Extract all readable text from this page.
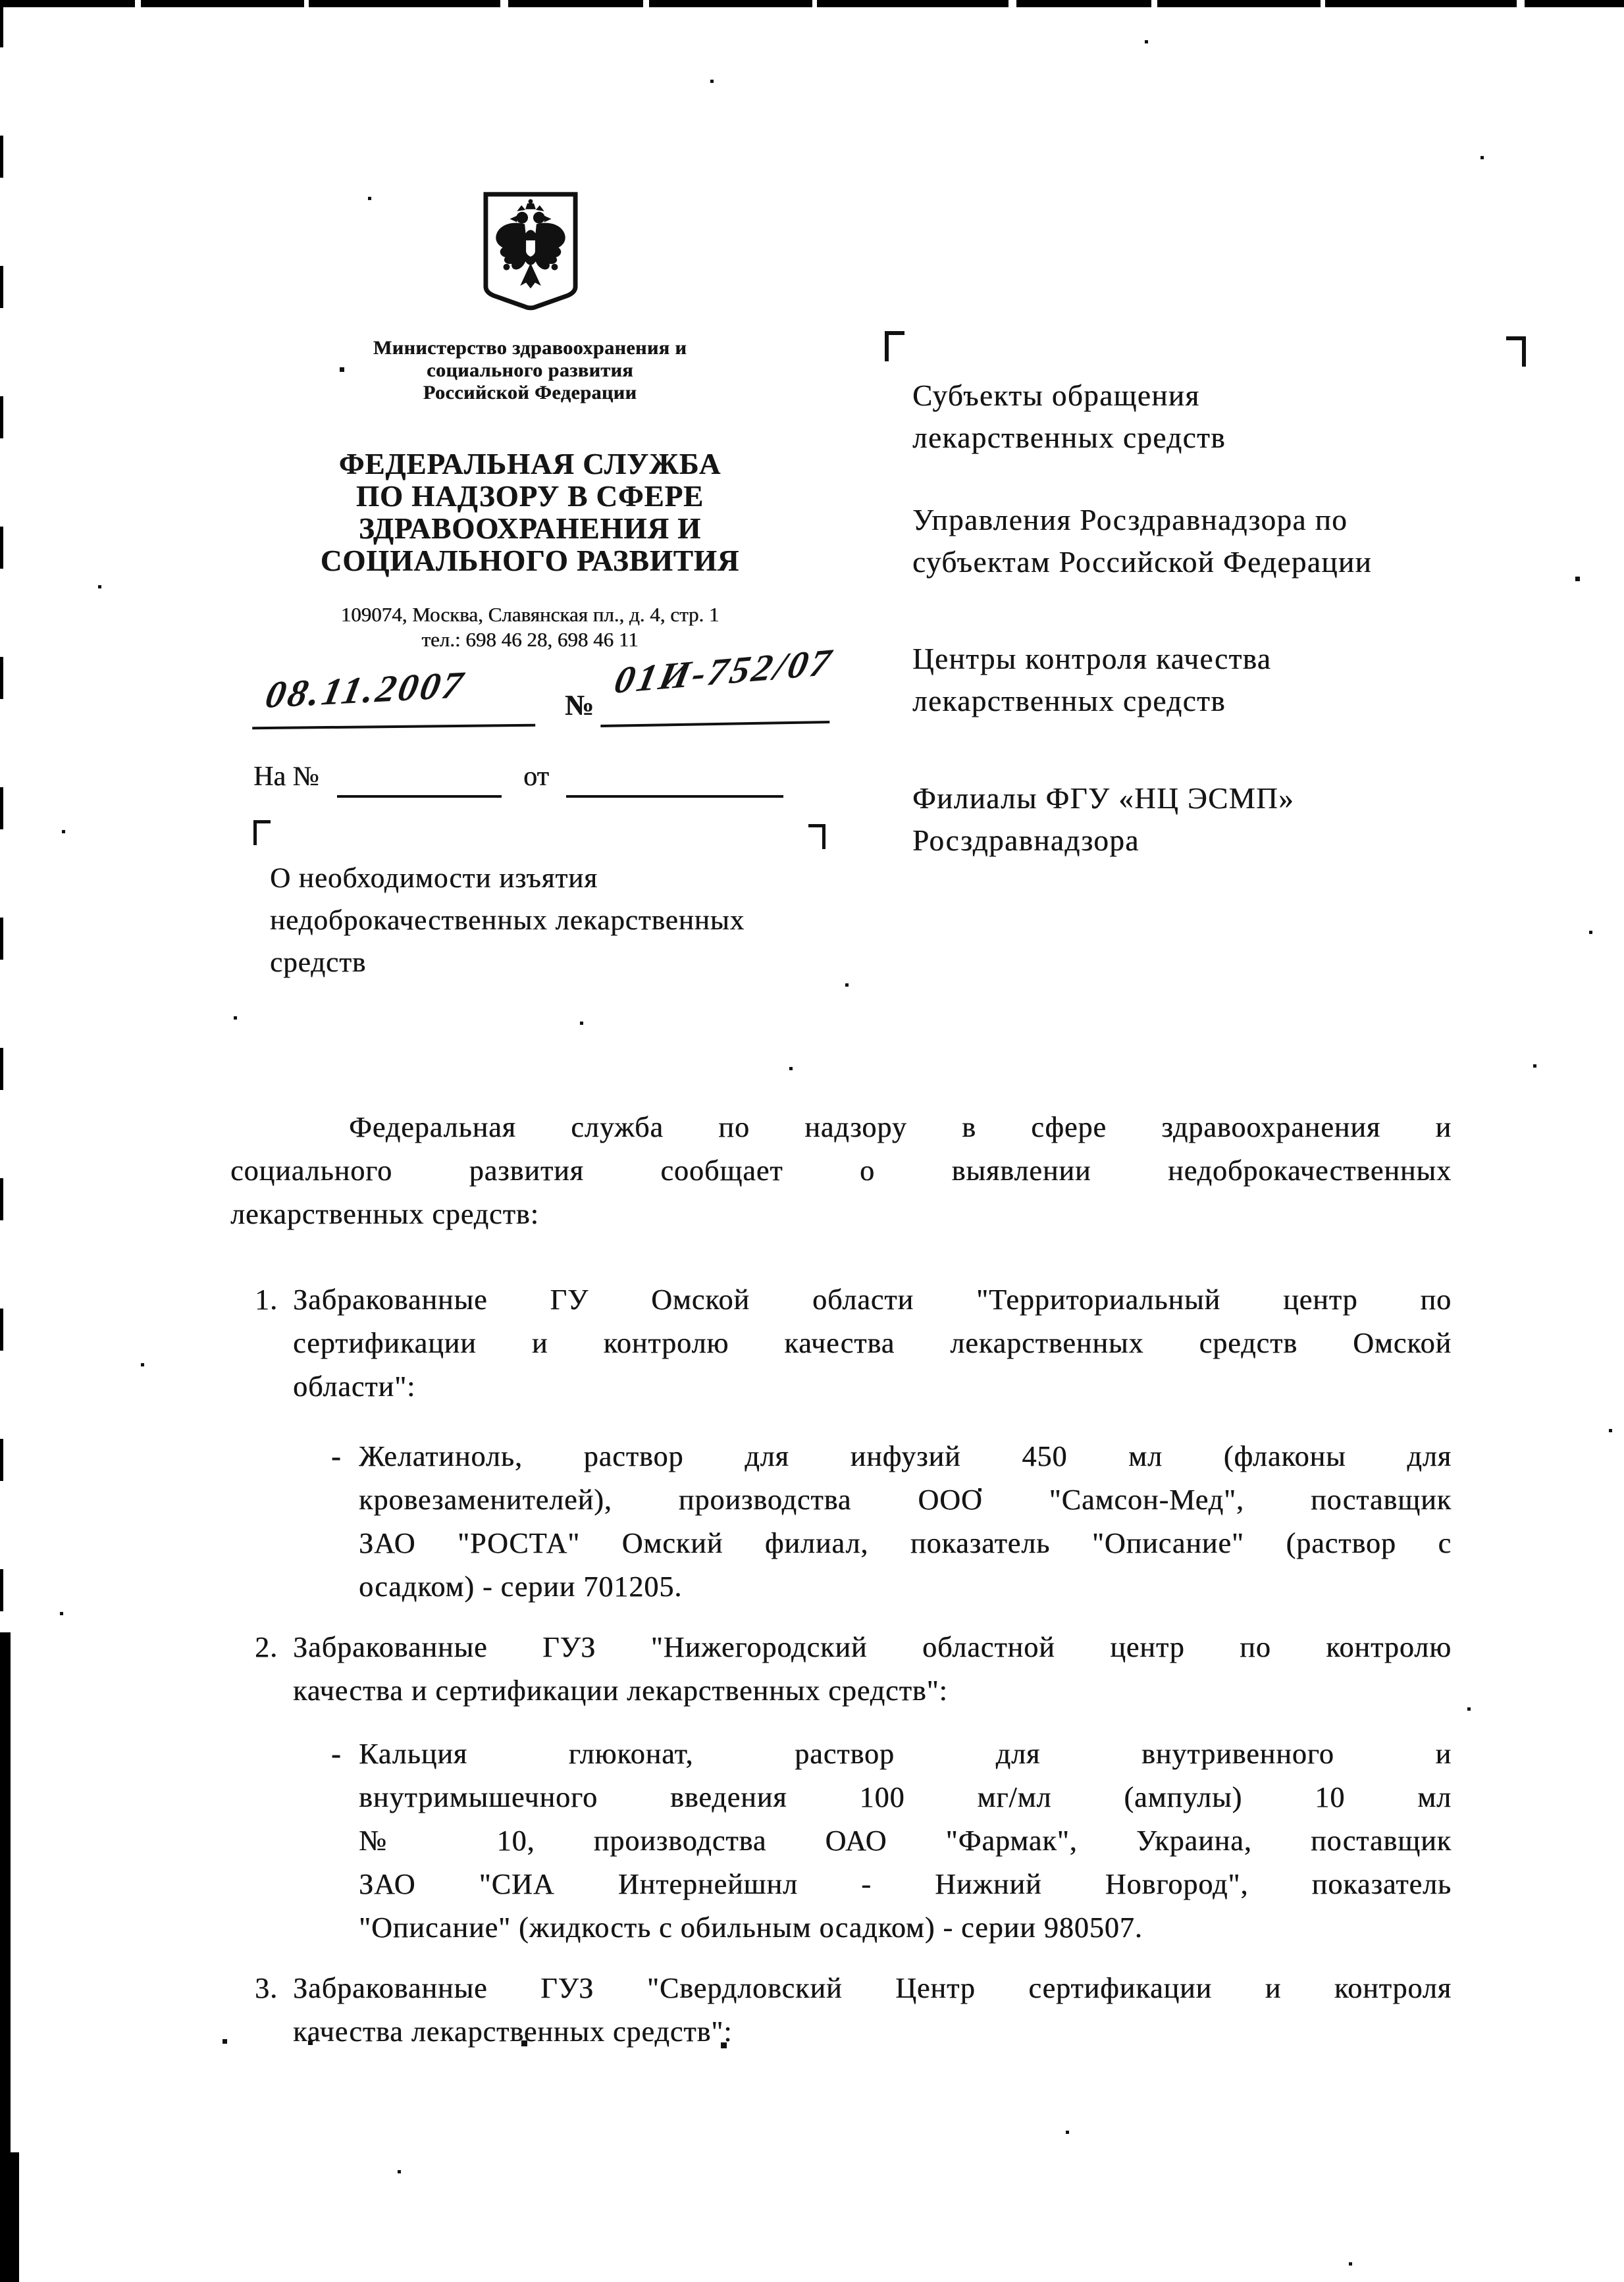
Министерство здравоохранения и
социального развития
Российской Федерации
ФЕДЕРАЛЬНАЯ СЛУЖБА
ПО НАДЗОРУ В СФЕРЕ
ЗДРАВООХРАНЕНИЯ И
СОЦИАЛЬНОГО РАЗВИТИЯ
109074, Москва, Славянская пл., д. 4, стр. 1
тел.: 698 46 28, 698 46 11
08.11.2007	№
01И-752/07
На №	от
О необходимости изъятия
недоброкачественных лекарственных
средств
Субъекты обращения
лекарственных средств
Управления Росздравнадзора по
субъектам Российской Федерации
Центры контроля качества
лекарственных средств
Филиалы ФГУ «НЦ ЭСМП»
Росздравнадзора
Федеральная служба по надзору в сфере здравоохранения и
социального развития сообщает о выявлении недоброкачественных
лекарственных средств:
1. Забракованные ГУ Омской области "Территориальный центр по
сертификации и контролю качества лекарственных средств Омской
области":
- Желатиноль, раствор для инфузий 450 мл (флаконы для
кровезаменителей), производства ООО "Самсон-Мед", поставщик
ЗАО "РОСТА" Омский филиал, показатель "Описание" (раствор с
осадком) - серии 701205.
2. Забракованные ГУЗ "Нижегородский областной центр по контролю
качества и сертификации лекарственных средств":
- Кальция глюконат, раствор для внутривенного и
внутримышечного введения 100 мг/мл (ампулы) 10 мл
№ 10, производства ОАО "Фармак", Украина, поставщик
ЗАО "СИА Интернейшнл - Нижний Новгород", показатель
"Описание" (жидкость с обильным осадком) - серии 980507.
3. Забракованные ГУЗ "Свердловский Центр сертификации и контроля
качества лекарственных средств":
